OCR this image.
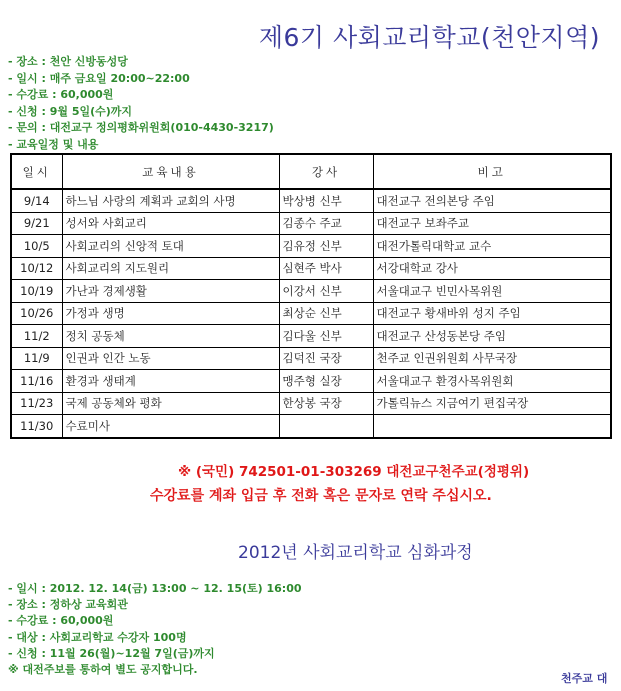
제6기 사회교리학교(천안지역)
- 장소 : 천안 신방동성당
- 일시 : 매주 금요일 20:00~22:00
- 수강료 : 60,000원
- 신청 : 9월 5일(수)까지
- 문의 : 대전교구 정의평화위원회(010-4430-3217)
- 교육일정 및 내용
일시	교육내용	강사	비고
9/14	하느님 사랑의 계획과 교회의 사명	박상병 신부	대전교구 전의본당 주임
9/21	성서와 사회교리	김종수 주교	대전교구 보좌주교
10/5	사회교리의 신앙적 토대	김유정 신부	대전가톨릭대학교 교수
10/12	사회교리의 지도원리	심현주 박사	서강대학교 강사
10/19	가난과 경제생활	이강서 신부	서울대교구 빈민사목위원
10/26	가정과 생명	최상순 신부	대전교구 황새바위 성지 주임
11/2	정치 공동체	김다울 신부	대전교구 산성동본당 주임
11/9	인권과 인간 노동	김덕진 국장	천주교 인권위원회 사무국장
11/16	환경과 생태계	맹주형 실장	서울대교구 환경사목위원회
11/23	국제 공동체와 평화	한상봉 국장	가톨릭뉴스 지금여기 편집국장
11/30	수료미사		
※ (국민) 742501-01-303269 대전교구천주교(정평위)
수강료를 계좌 입금 후 전화 혹은 문자로 연락 주십시오.
2012년 사회교리학교 심화과정
- 일시 : 2012. 12. 14(금) 13:00 ~ 12. 15(토) 16:00
- 장소 : 정하상 교육회관
- 수강료 : 60,000원
- 대상 : 사회교리학교 수강자 100명
- 신청 : 11월 26(월)~12월 7일(금)까지
※ 대전주보를 통하여 별도 공지합니다.
천주교 대
